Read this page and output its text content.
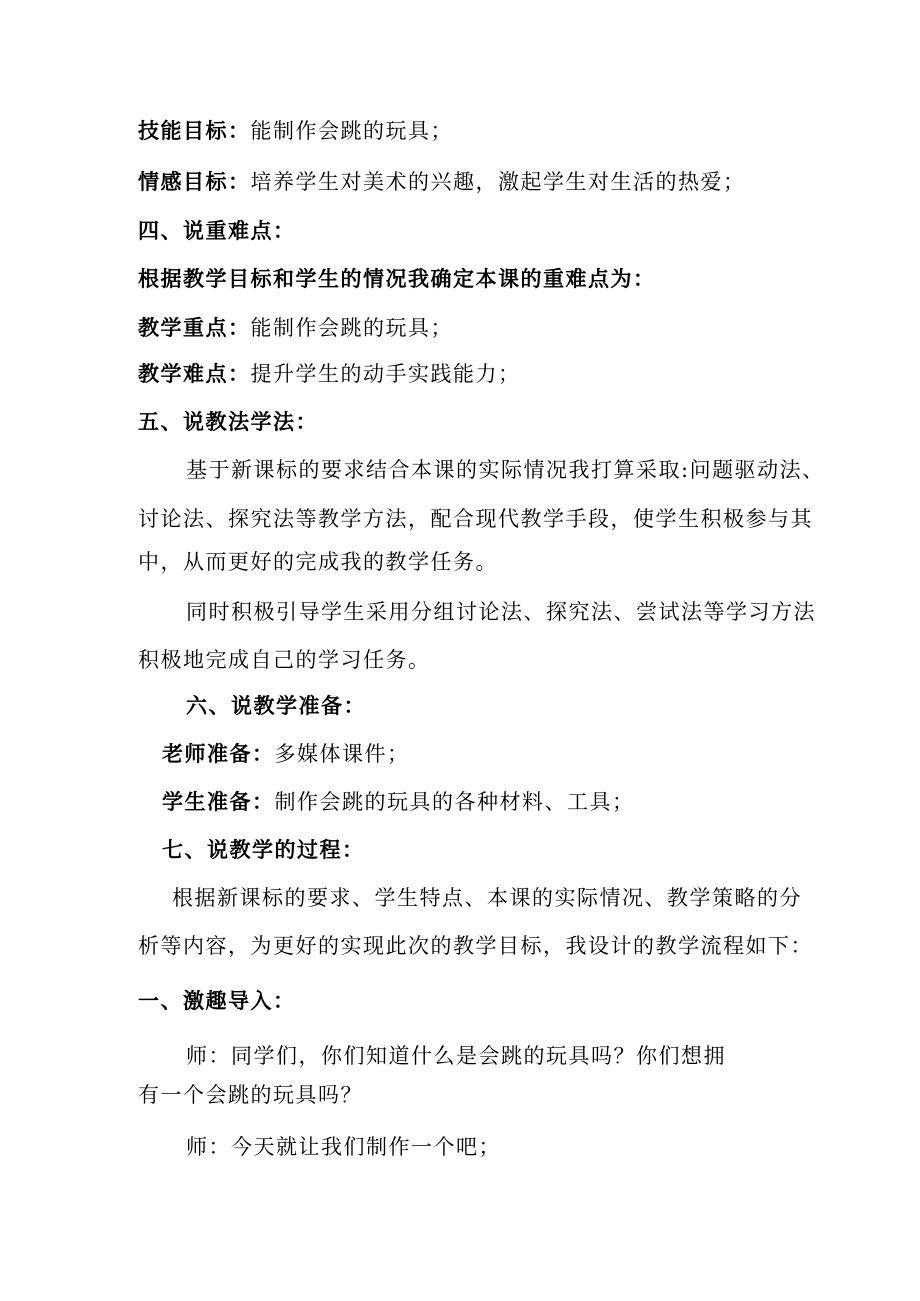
技能目标：能制作会跳的玩具；
情感目标：培养学生对美术的兴趣，激起学生对生活的热爱；
四、说重难点：
根据教学目标和学生的情况我确定本课的重难点为：
教学重点：能制作会跳的玩具；
教学难点：提升学生的动手实践能力；
五、说教法学法：
基于新课标的要求结合本课的实际情况我打算采取:问题驱动法、
讨论法、探究法等教学方法，配合现代教学手段，使学生积极参与其
中，从而更好的完成我的教学任务。
同时积极引导学生采用分组讨论法、探究法、尝试法等学习方法
积极地完成自己的学习任务。
六、说教学准备：
老师准备：多媒体课件；
学生准备：制作会跳的玩具的各种材料、工具；
七、说教学的过程：
根据新课标的要求、学生特点、本课的实际情况、教学策略的分
析等内容，为更好的实现此次的教学目标，我设计的教学流程如下：
一、激趣导入：
师：同学们，你们知道什么是会跳的玩具吗？你们想拥
有一个会跳的玩具吗？
师：今天就让我们制作一个吧；
